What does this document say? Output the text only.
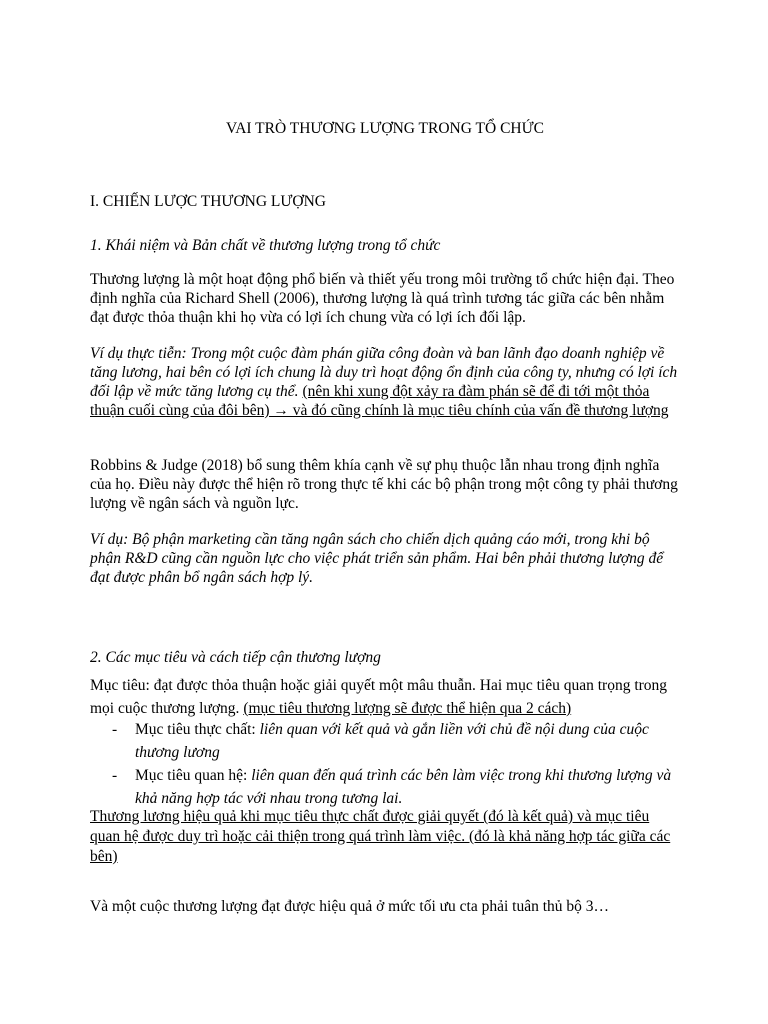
VAI TRÒ THƯƠNG LƯỢNG TRONG TỔ CHỨC
I. CHIẾN LƯỢC THƯƠNG LƯỢNG
1. Khái niệm và Bản chất về thương lượng trong tổ chức
Thương lượng là một hoạt động phổ biến và thiết yếu trong môi trường tổ chức hiện đại. Theo định nghĩa của Richard Shell (2006), thương lượng là quá trình tương tác giữa các bên nhằm đạt được thỏa thuận khi họ vừa có lợi ích chung vừa có lợi ích đối lập.
Ví dụ thực tiễn: Trong một cuộc đàm phán giữa công đoàn và ban lãnh đạo doanh nghiệp về tăng lương, hai bên có lợi ích chung là duy trì hoạt động ổn định của công ty, nhưng có lợi ích đối lập về mức tăng lương cụ thể. (nên khi xung đột xảy ra đàm phán sẽ để đi tới một thỏa thuận cuối cùng của đôi bên) → và đó cũng chính là mục tiêu chính của vấn đề thương lượng
Robbins & Judge (2018) bổ sung thêm khía cạnh về sự phụ thuộc lẫn nhau trong định nghĩa của họ. Điều này được thể hiện rõ trong thực tế khi các bộ phận trong một công ty phải thương lượng về ngân sách và nguồn lực.
Ví dụ: Bộ phận marketing cần tăng ngân sách cho chiến dịch quảng cáo mới, trong khi bộ phận R&D cũng cần nguồn lực cho việc phát triển sản phẩm. Hai bên phải thương lượng để đạt được phân bổ ngân sách hợp lý.
2. Các mục tiêu và cách tiếp cận thương lượng
Mục tiêu: đạt được thỏa thuận hoặc giải quyết một mâu thuẫn. Hai mục tiêu quan trọng trong mọi cuộc thương lượng. (mục tiêu thương lượng sẽ được thể hiện qua 2 cách)
- Mục tiêu thực chất: liên quan với kết quả và gắn liền với chủ đề nội dung của cuộc thương lương
- Mục tiêu quan hệ: liên quan đến quá trình các bên làm việc trong khi thương lượng và khả năng hợp tác với nhau trong tương lai.
Thương lương hiệu quả khi mục tiêu thực chất được giải quyết (đó là kết quả) và mục tiêu quan hệ được duy trì hoặc cải thiện trong quá trình làm việc. (đó là khả năng hợp tác giữa các bên)
Và một cuộc thương lượng đạt được hiệu quả ở mức tối ưu cta phải tuân thủ bộ 3…
